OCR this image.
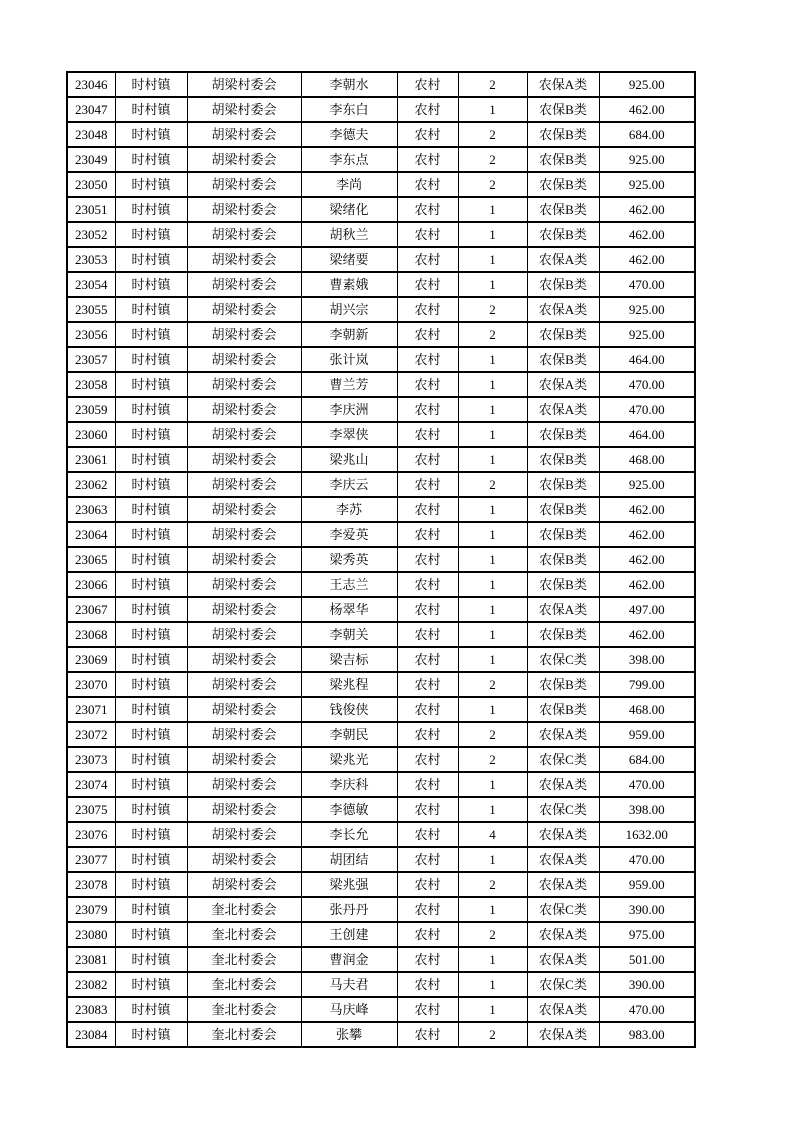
23046	时村镇	胡梁村委会	李朝水	农村	2	农保A类	925.00
23047	时村镇	胡梁村委会	李东白	农村	1	农保B类	462.00
23048	时村镇	胡梁村委会	李德夫	农村	2	农保B类	684.00
23049	时村镇	胡梁村委会	李东点	农村	2	农保B类	925.00
23050	时村镇	胡梁村委会	李尚	农村	2	农保B类	925.00
23051	时村镇	胡梁村委会	梁绪化	农村	1	农保B类	462.00
23052	时村镇	胡梁村委会	胡秋兰	农村	1	农保B类	462.00
23053	时村镇	胡梁村委会	梁绪要	农村	1	农保A类	462.00
23054	时村镇	胡梁村委会	曹素娥	农村	1	农保B类	470.00
23055	时村镇	胡梁村委会	胡兴宗	农村	2	农保A类	925.00
23056	时村镇	胡梁村委会	李朝新	农村	2	农保B类	925.00
23057	时村镇	胡梁村委会	张计岚	农村	1	农保B类	464.00
23058	时村镇	胡梁村委会	曹兰芳	农村	1	农保A类	470.00
23059	时村镇	胡梁村委会	李庆洲	农村	1	农保A类	470.00
23060	时村镇	胡梁村委会	李翠侠	农村	1	农保B类	464.00
23061	时村镇	胡梁村委会	梁兆山	农村	1	农保B类	468.00
23062	时村镇	胡梁村委会	李庆云	农村	2	农保B类	925.00
23063	时村镇	胡梁村委会	李苏	农村	1	农保B类	462.00
23064	时村镇	胡梁村委会	李爱英	农村	1	农保B类	462.00
23065	时村镇	胡梁村委会	梁秀英	农村	1	农保B类	462.00
23066	时村镇	胡梁村委会	王志兰	农村	1	农保B类	462.00
23067	时村镇	胡梁村委会	杨翠华	农村	1	农保A类	497.00
23068	时村镇	胡梁村委会	李朝关	农村	1	农保B类	462.00
23069	时村镇	胡梁村委会	梁吉标	农村	1	农保C类	398.00
23070	时村镇	胡梁村委会	梁兆程	农村	2	农保B类	799.00
23071	时村镇	胡梁村委会	钱俊侠	农村	1	农保B类	468.00
23072	时村镇	胡梁村委会	李朝民	农村	2	农保A类	959.00
23073	时村镇	胡梁村委会	梁兆光	农村	2	农保C类	684.00
23074	时村镇	胡梁村委会	李庆科	农村	1	农保A类	470.00
23075	时村镇	胡梁村委会	李德敏	农村	1	农保C类	398.00
23076	时村镇	胡梁村委会	李长允	农村	4	农保A类	1632.00
23077	时村镇	胡梁村委会	胡团结	农村	1	农保A类	470.00
23078	时村镇	胡梁村委会	梁兆强	农村	2	农保A类	959.00
23079	时村镇	奎北村委会	张丹丹	农村	1	农保C类	390.00
23080	时村镇	奎北村委会	王创建	农村	2	农保A类	975.00
23081	时村镇	奎北村委会	曹润金	农村	1	农保A类	501.00
23082	时村镇	奎北村委会	马夫君	农村	1	农保C类	390.00
23083	时村镇	奎北村委会	马庆峰	农村	1	农保A类	470.00
23084	时村镇	奎北村委会	张攀	农村	2	农保A类	983.00
